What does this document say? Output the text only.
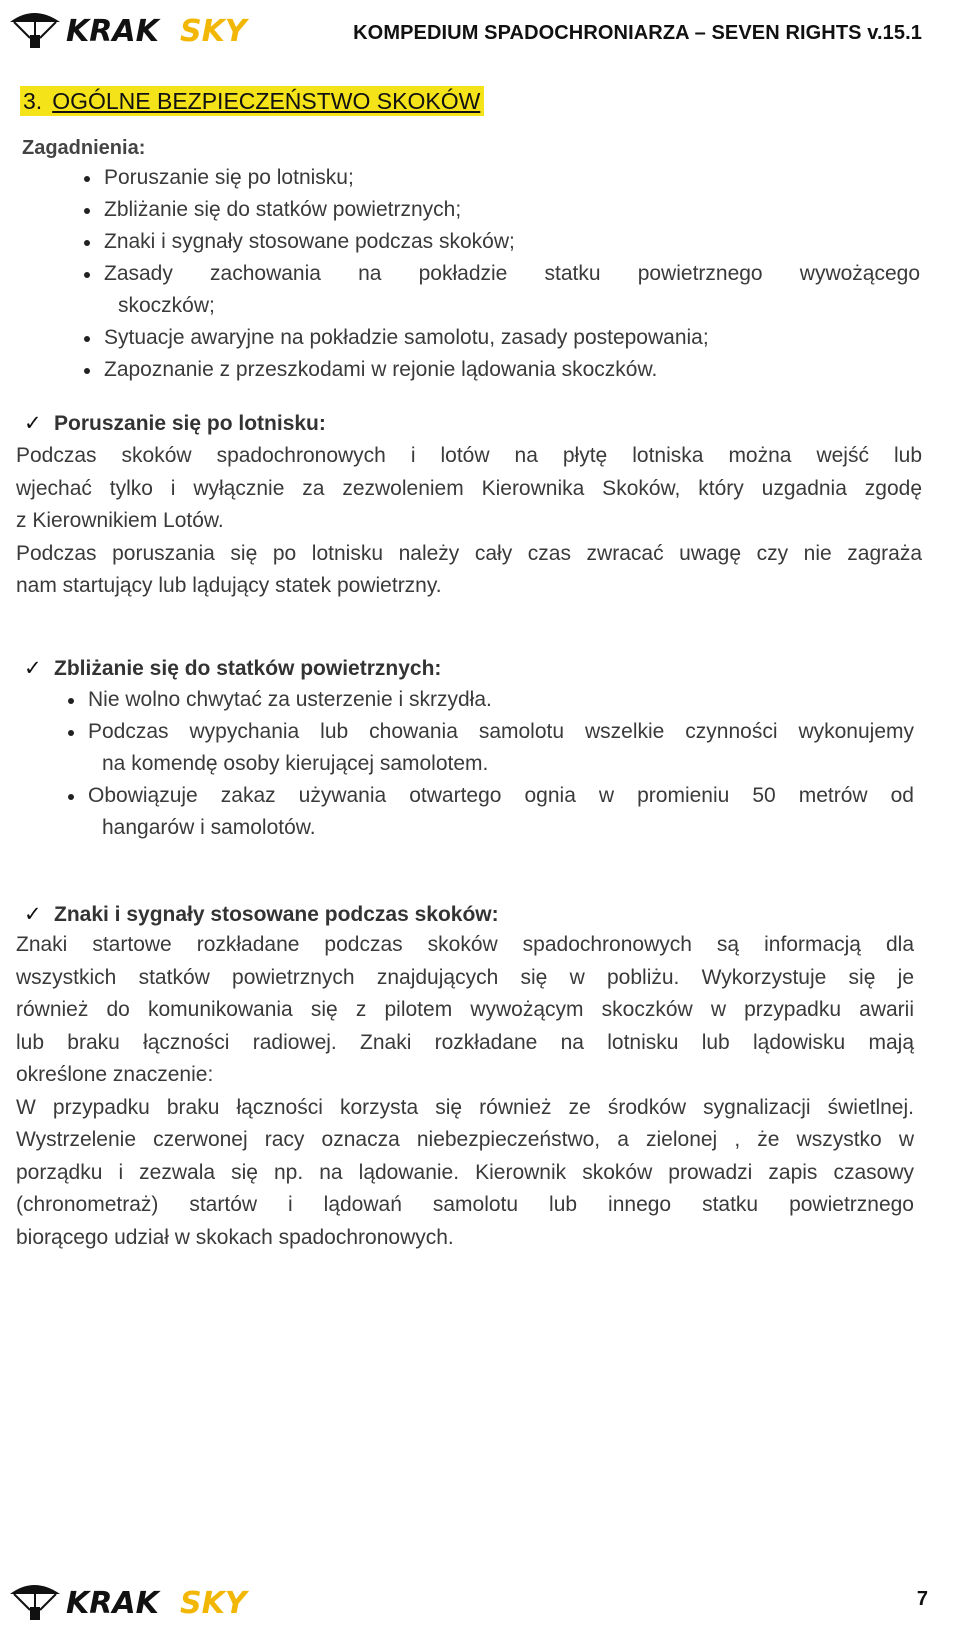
KRAK SKY	KOMPEDIUM SPADOCHRONIARZA – SEVEN RIGHTS v.15.1
3. OGÓLNE BEZPIECZEŃSTWO SKOKÓW
Zagadnienia:
Poruszanie się po lotnisku;
Zbliżanie się do statków powietrznych;
Znaki i sygnały stosowane podczas skoków;
Zasady zachowania na pokładzie statku powietrznego wywożącego
skoczków;
Sytuacje awaryjne na pokładzie samolotu, zasady postepowania;
Zapoznanie z przeszkodami w rejonie lądowania skoczków.
✓ Poruszanie się po lotnisku:
Podczas skoków spadochronowych i lotów na płytę lotniska można wejść lub
wjechać tylko i wyłącznie za zezwoleniem Kierownika Skoków, który uzgadnia zgodę
z Kierownikiem Lotów.
Podczas poruszania się po lotnisku należy cały czas zwracać uwagę czy nie zagraża
nam startujący lub lądujący statek powietrzny.
✓ Zbliżanie się do statków powietrznych:
Nie wolno chwytać za usterzenie i skrzydła.
Podczas wypychania lub chowania samolotu wszelkie czynności wykonujemy
na komendę osoby kierującej samolotem.
Obowiązuje zakaz używania otwartego ognia w promieniu 50 metrów od
hangarów i samolotów.
✓ Znaki i sygnały stosowane podczas skoków:
Znaki startowe rozkładane podczas skoków spadochronowych są informacją dla
wszystkich statków powietrznych znajdujących się w pobliżu. Wykorzystuje się je
również do komunikowania się z pilotem wywożącym skoczków w przypadku awarii
lub braku łączności radiowej. Znaki rozkładane na lotnisku lub lądowisku mają
określone znaczenie:
W przypadku braku łączności korzysta się również ze środków sygnalizacji świetlnej.
Wystrzelenie czerwonej racy oznacza niebezpieczeństwo, a zielonej , że wszystko w
porządku i zezwala się np. na lądowanie. Kierownik skoków prowadzi zapis czasowy
(chronometraż) startów i lądowań samolotu lub innego statku powietrznego
biorącego udział w skokach spadochronowych.
KRAK SKY	7
